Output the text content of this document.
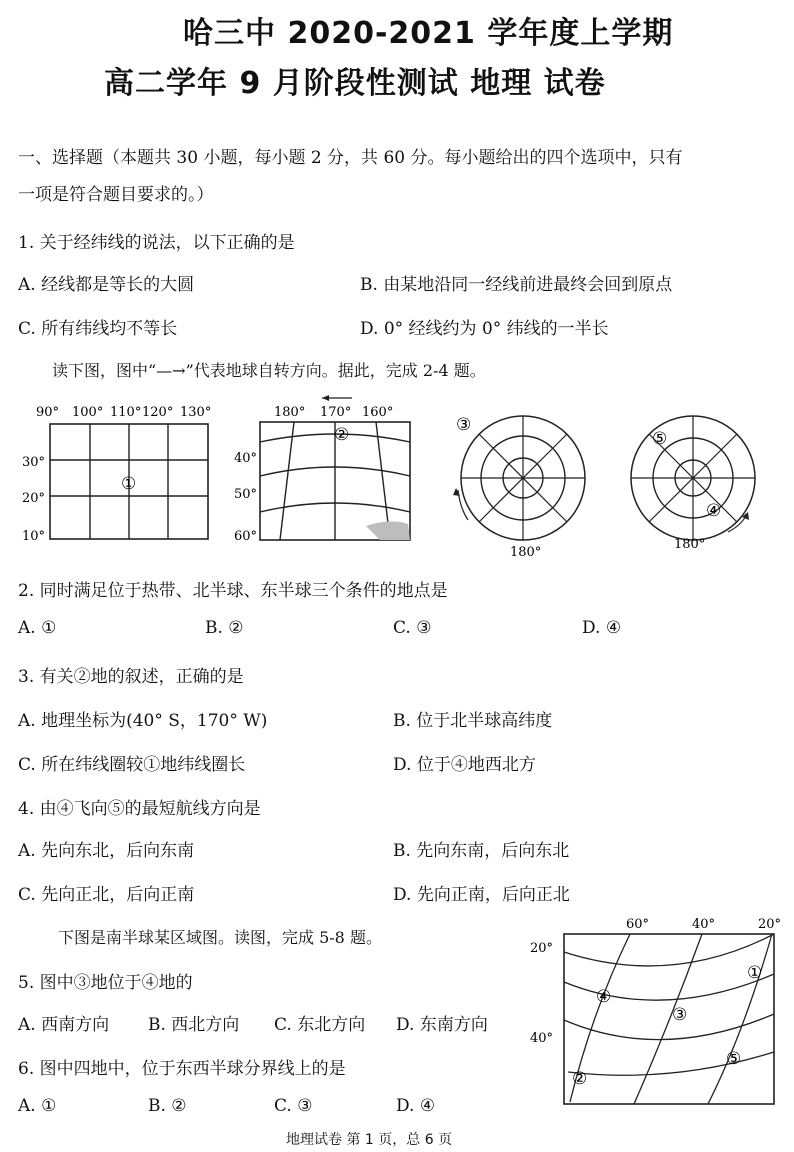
哈三中 2020-2021 学年度上学期
高二学年 9 月阶段性测试 地理 试卷
一、选择题（本题共 30 小题，每小题 2 分，共 60 分。每小题给出的四个选项中，只有
一项是符合题目要求的。）
1. 关于经纬线的说法，以下正确的是
A. 经线都是等长的大圆	B. 由某地沿同一经线前进最终会回到原点
C. 所有纬线均不等长	D. 0° 经线约为 0° 纬线的一半长
读下图，图中“—→”代表地球自转方向。据此，完成 2-4 题。
90° 100° 110° 120° 130°
30°
20°
10°
①
180° 170° 160°
40°
50°
60°
②	③
180°
⑤
④
180°
2. 同时满足位于热带、北半球、东半球三个条件的地点是
A. ①	B. ②	C. ③	D. ④
3. 有关②地的叙述，正确的是
A. 地理坐标为(40° S，170° W)	B. 位于北半球高纬度
C. 所在纬线圈较①地纬线圈长	D. 位于④地西北方
4. 由④飞向⑤的最短航线方向是
A. 先向东北，后向东南	B. 先向东南，后向东北
C. 先向正北，后向正南	D. 先向正南，后向正北
下图是南半球某区域图。读图，完成 5-8 题。
60°	40°	20°
20°
40°
①
②
③
④
⑤
5. 图中③地位于④地的
A. 西南方向 B. 西北方向 C. 东北方向 D. 东南方向
6. 图中四地中，位于东西半球分界线上的是
A. ①	B. ②	C. ③	D. ④
地理试卷 第 1 页，总 6 页
